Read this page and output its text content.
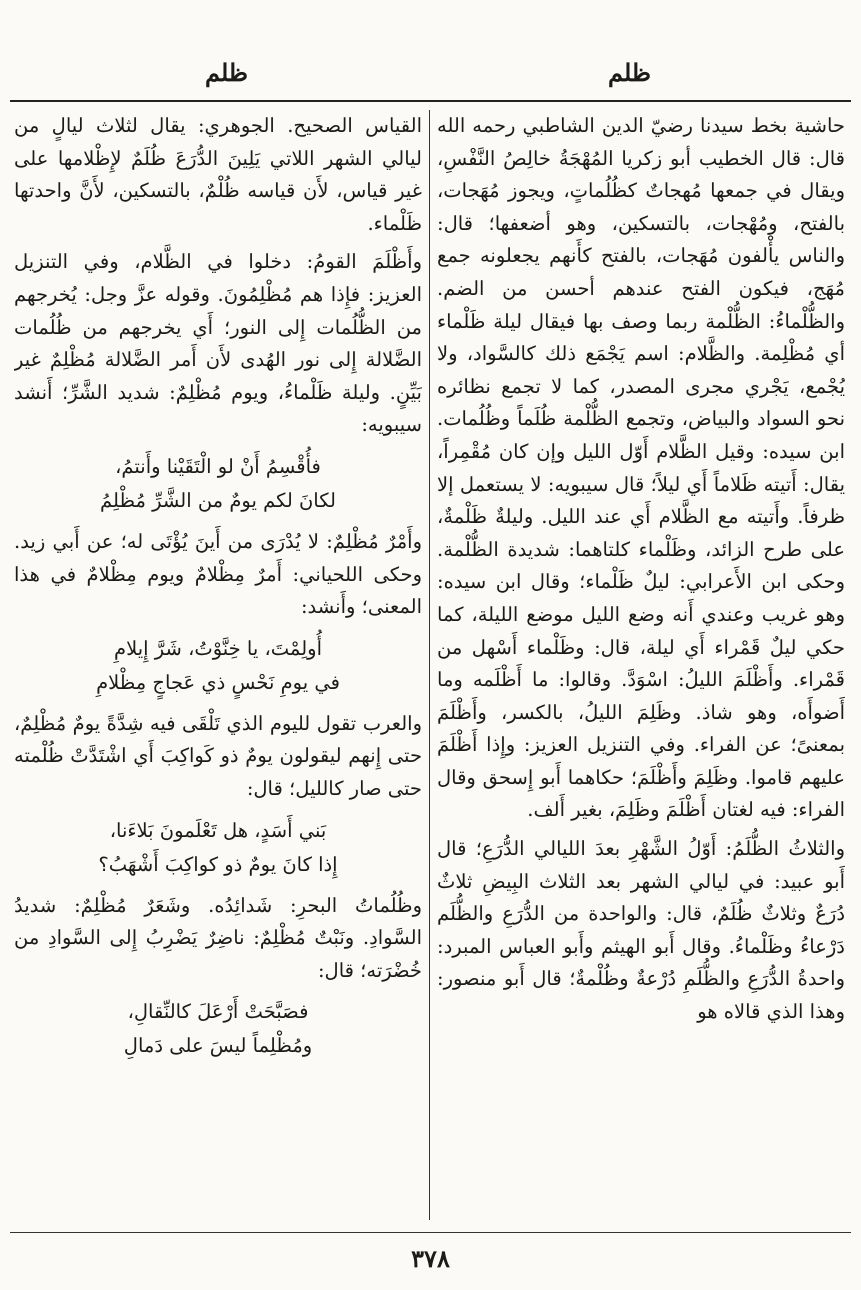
ظلم
ظلم

حاشية بخط سيدنا رضيّ الدين الشاطبي رحمه الله قال: قال الخطيب أبو زكريا المُهْجَةُ خالِصُ النَّفْسِ، ويقال في جمعها مُهجاتٌ كظُلُماتٍ، ويجوز مُهَجات، بالفتح، ومُهْجات، بالتسكين، وهو أضعفها؛ قال: والناس يأْلفون مُهَجات، بالفتح كأَنهم يجعلونه جمع مُهَج، فيكون الفتح عندهم أحسن من الضم. والظُّلْماءُ: الظُّلْمة ربما وصف بها فيقال ليلة ظَلْماء أي مُظْلِمة. والظَّلام: اسم يَجْمَع ذلك كالسَّواد، ولا يُجْمع، يَجْري مجرى المصدر، كما لا تجمع نظائره نحو السواد والبياض، وتجمع الظُّلْمة ظُلَماً وظُلُمات. ابن سيده: وقيل الظَّلام أَوّل الليل وإن كان مُقْمِراً، يقال: أَتيته ظَلاماً أَي ليلاً؛ قال سيبويه: لا يستعمل إلا ظرفاً. وأَتيته مع الظَّلام أَي عند الليل. وليلةٌ ظَلْمةٌ، على طرح الزائد، وظَلْماء كلتاهما: شديدة الظُّلْمة. وحكى ابن الأَعرابي: ليلٌ ظَلْماء؛ وقال ابن سيده: وهو غريب وعندي أَنه وضع الليل موضع الليلة، كما حكي ليلٌ قَمْراء أَي ليلة، قال: وظَلْماء أَسْهل من قَمْراء. وأَظْلَمَ الليلُ: اسْوَدَّ. وقالوا: ما أَظْلَمه وما أَضوأَه، وهو شاذ. وظَلِمَ الليلُ، بالكسر، وأَظْلَمَ بمعنىً؛ عن الفراء. وفي التنزيل العزيز: وإِذا أَظْلَمَ عليهم قاموا. وظَلِمَ وأَظْلَمَ؛ حكاهما أَبو إِسحق وقال الفراء: فيه لغتان أَظْلَمَ وظَلِمَ، بغير أَلف.

والثلاثُ الظُّلَمُ: أَوّلُ الشَّهْرِ بعدَ الليالي الدُّرَعِ؛ قال أَبو عبيد: في ليالي الشهر بعد الثلاث البِيضِ ثلاثٌ دُرَعٌ وثلاثٌ ظُلَمٌ، قال: والواحدة من الدُّرَعِ والظُّلَم دَرْعاءُ وظَلْماءُ. وقال أَبو الهيثم وأَبو العباس المبرد: واحدةُ الدُّرَعِ والظُّلَمِ دُرْعةٌ وظُلْمةٌ؛ قال أَبو منصور: وهذا الذي قالاه هو

القياس الصحيح. الجوهري: يقال لثلاث ليالٍ من ليالي الشهر اللاتي يَلِينَ الدُّرَعَ ظُلَمٌ لإِظْلامها على غير قياس، لأَن قياسه ظُلْمٌ، بالتسكين، لأَنَّ واحدتها ظَلْماء.

وأَظْلَمَ القومُ: دخلوا في الظَّلام، وفي التنزيل العزيز: فإِذا هم مُظْلِمُونَ. وقوله عزَّ وجل: يُخرجهم من الظُّلُمات إِلى النور؛ أَي يخرجهم من ظُلُمات الضَّلالة إِلى نور الهُدى لأَن أَمر الضَّلالة مُظْلِمٌ غير بَيِّنٍ. وليلة ظَلْماءُ، ويوم مُظْلِمٌ: شديد الشَّرِّ؛ أَنشد سيبويه:

فأُقْسِمُ أَنْ لو الْتَقَيْنا وأَنتمُ،
لكانَ لكم يومٌ من الشَّرِّ مُظْلِمُ

وأَمْرٌ مُظْلِمٌ: لا يُدْرَى من أَينَ يُؤْتَى له؛ عن أَبي زيد. وحكى اللحياني: أَمرٌ مِظْلامٌ ويوم مِظْلامٌ في هذا المعنى؛ وأَنشد:

أُولِمْتَ، يا خِنَّوْتُ، شَرَّ إِيلامِ
في يومِ نَحْسٍ ذي عَجاجٍ مِظْلامِ

والعرب تقول لليوم الذي تَلْقَى فيه شِدَّةً يومٌ مُظْلِمٌ، حتى إِنهم ليقولون يومٌ ذو كَواكِبَ أَي اشْتَدَّتْ ظُلْمته حتى صار كالليل؛ قال:

بَني أَسَدٍ، هل تَعْلَمونَ بَلاءَنا،
إِذا كانَ يومٌ ذو كواكِبَ أَشْهَبُ؟

وظُلُماتُ البحرِ: شَدائِدُه. وشَعَرٌ مُظْلِمٌ: شديدُ السَّوادِ. ونَبْتٌ مُظْلِمٌ: ناضِرٌ يَضْرِبُ إِلى السَّوادِ من خُضْرَته؛ قال:

فصَبَّحَتْ أَرْعَلَ كالنِّقالِ،
ومُظْلِماً ليسَ على دَمالِ
٣٧٨
